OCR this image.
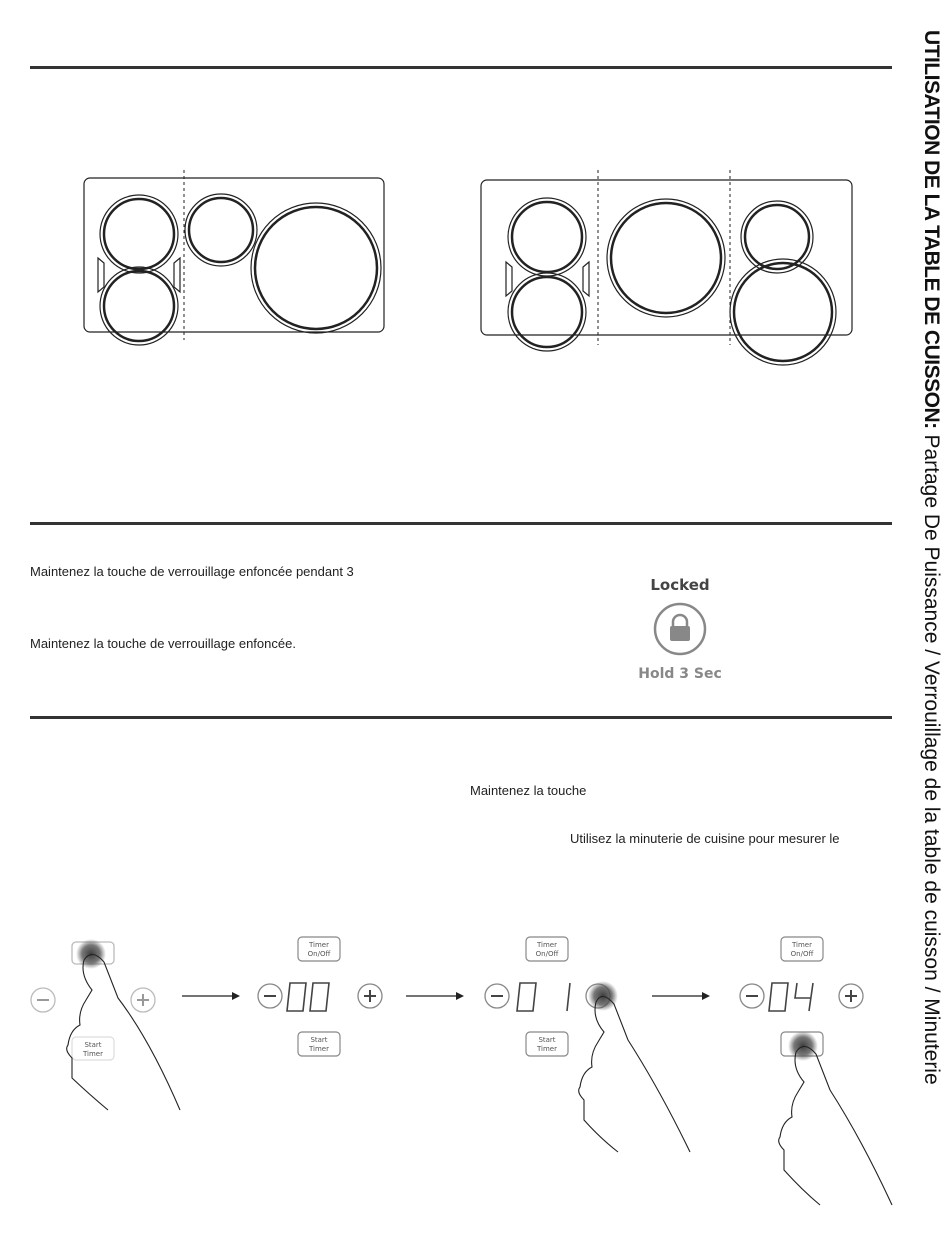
UTILISATION DE LA TABLE DE CUISSON: Partage De Puissance / Verrouillage de la table de cuisson / Minuterie
Maintenez la touche de verrouillage enfoncée pendant 3
Maintenez la touche de verrouillage enfoncée.
Locked
Hold 3 Sec
Maintenez la touche
Utilisez la minuterie de cuisine pour mesurer le
Start
Timer
Timer
On/Off
Start
Timer
Timer
On/Off
Start
Timer
Timer
On/Off
